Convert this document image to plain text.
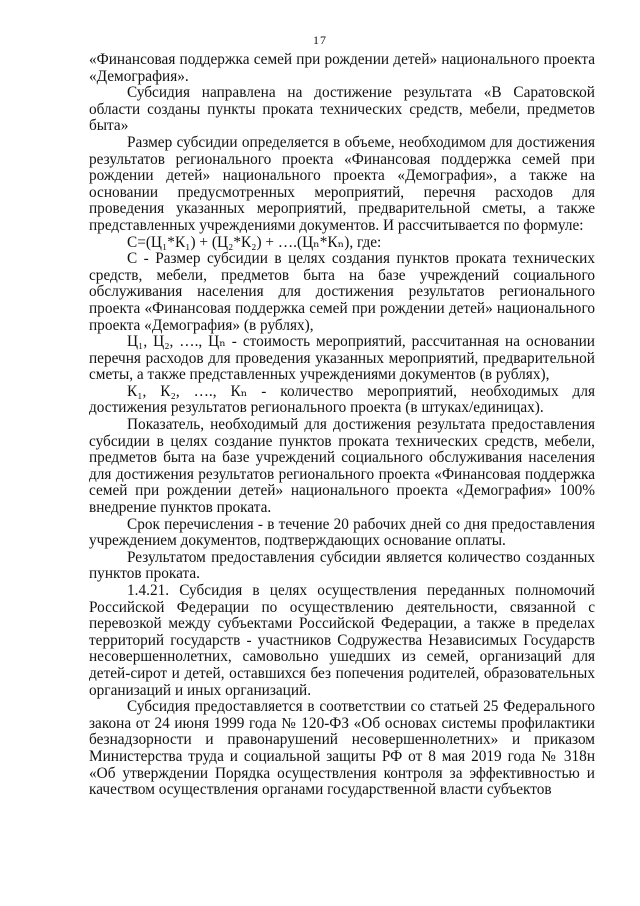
17

«Финансовая поддержка семей при рождении детей» национального проекта «Демография».

Субсидия направлена на достижение результата «В Саратовской области созданы пункты проката технических средств, мебели, предметов быта»

Размер субсидии определяется в объеме, необходимом для достижения результатов регионального проекта «Финансовая поддержка семей при рождении детей» национального проекта «Демография», а также на основании предусмотренных мероприятий, перечня расходов для проведения указанных мероприятий, предварительной сметы, а также представленных учреждениями документов. И рассчитывается по формуле:

С=(Ц₁*К₁) + (Ц₂*К₂) + ….(Цₙ*Кₙ), где:

С - Размер субсидии в целях создания пунктов проката технических средств, мебели, предметов быта на базе учреждений социального обслуживания населения для достижения результатов регионального проекта «Финансовая поддержка семей при рождении детей» национального проекта «Демография» (в рублях),

Ц₁, Ц₂, …., Цₙ - стоимость мероприятий, рассчитанная на основании перечня расходов для проведения указанных мероприятий, предварительной сметы, а также представленных учреждениями документов (в рублях),

К₁, К₂, …., Кₙ - количество мероприятий, необходимых для достижения результатов регионального проекта (в штуках/единицах).

Показатель, необходимый для достижения результата предоставления субсидии в целях создание пунктов проката технических средств, мебели, предметов быта на базе учреждений социального обслуживания населения для достижения результатов регионального проекта «Финансовая поддержка семей при рождении детей» национального проекта «Демография» 100% внедрение пунктов проката.

Срок перечисления - в течение 20 рабочих дней со дня предоставления учреждением документов, подтверждающих основание оплаты.

Результатом предоставления субсидии является количество созданных пунктов проката.

1.4.21. Субсидия в целях осуществления переданных полномочий Российской Федерации по осуществлению деятельности, связанной с перевозкой между субъектами Российской Федерации, а также в пределах территорий государств - участников Содружества Независимых Государств несовершеннолетних, самовольно ушедших из семей, организаций для детей-сирот и детей, оставшихся без попечения родителей, образовательных организаций и иных организаций.

Субсидия предоставляется в соответствии со статьей 25 Федерального закона от 24 июня 1999 года № 120-ФЗ «Об основах системы профилактики безнадзорности и правонарушений несовершеннолетних» и приказом Министерства труда и социальной защиты РФ от 8 мая 2019 года № 318н «Об утверждении Порядка осуществления контроля за эффективностью и качеством осуществления органами государственной власти субъектов
